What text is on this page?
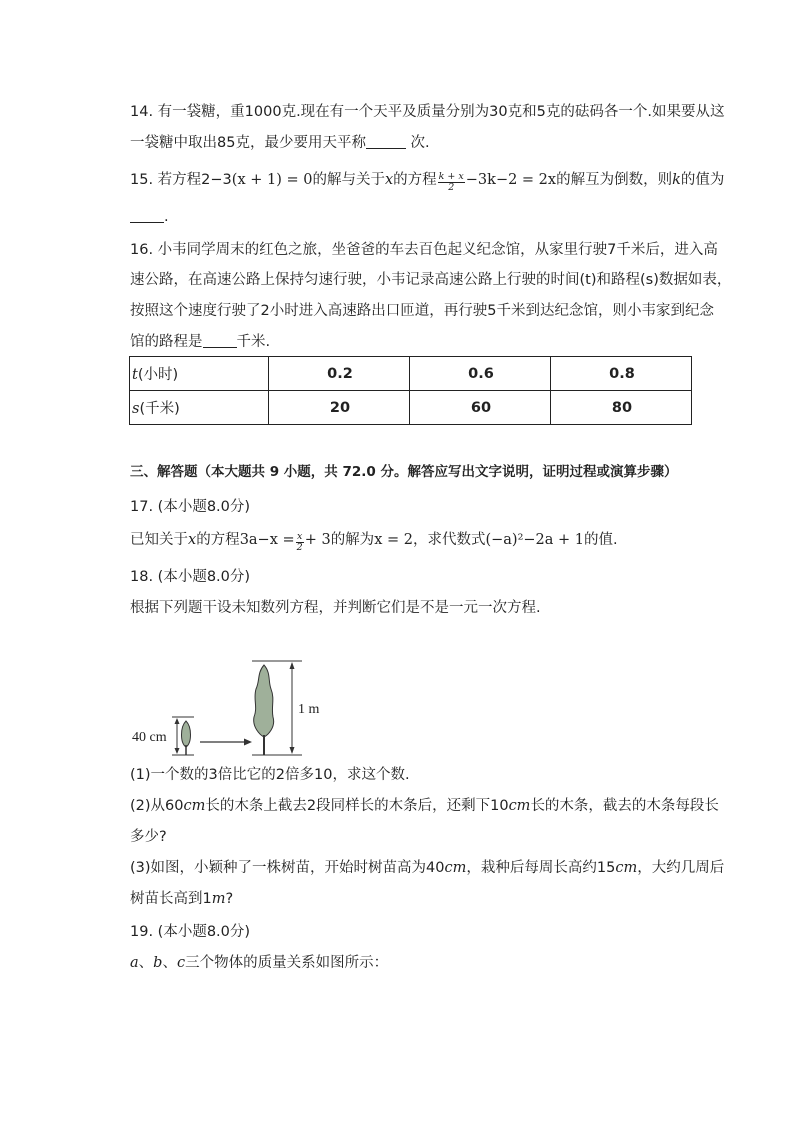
14. 有一袋糖，重1000克.现在有一个天平及质量分别为30克和5克的砝码各一个.如果要从这
一袋糖中取出85克，最少要用天平称	次.
15. 若方程2−3(x + 1) = 0的解与关于x的方程 $\frac{k + x}{2} -3k-2 = 2x$的解互为倒数，则k的值为
.
16. 小韦同学周末的红色之旅，坐爸爸的车去百色起义纪念馆，从家里行驶7千米后，进入高
速公路，在高速公路上保持匀速行驶，小韦记录高速公路上行驶的时间(t)和路程(s)数据如表，
按照这个速度行驶了2小时进入高速路出口匝道，再行驶5千米到达纪念馆，则小韦家到纪念
馆的路程是 千米.
t(小时)	0.2	0.6	0.8
s(千米)	20	60	80
三、解答题（本大题共 9 小题，共 72.0 分。解答应写出文字说明，证明过程或演算步骤）
17. (本小题8.0分)
已知关于x的方程$3a-x = \frac{x}{2} + 3$的解为x = 2，求代数式(−a)²−2a + 1的值.
18. (本小题8.0分)
根据下列题干设未知数列方程，并判断它们是不是一元一次方程.
40 cm
1 m
(1)一个数的3倍比它的2倍多10，求这个数.
(2)从60cm长的木条上截去2段同样长的木条后，还剩下10cm长的木条，截去的木条每段长
多少?
(3)如图，小颖种了一株树苗，开始时树苗高为40cm，栽种后每周长高约15cm，大约几周后
树苗长高到1m?
19. (本小题8.0分)
a、b、c三个物体的质量关系如图所示：
